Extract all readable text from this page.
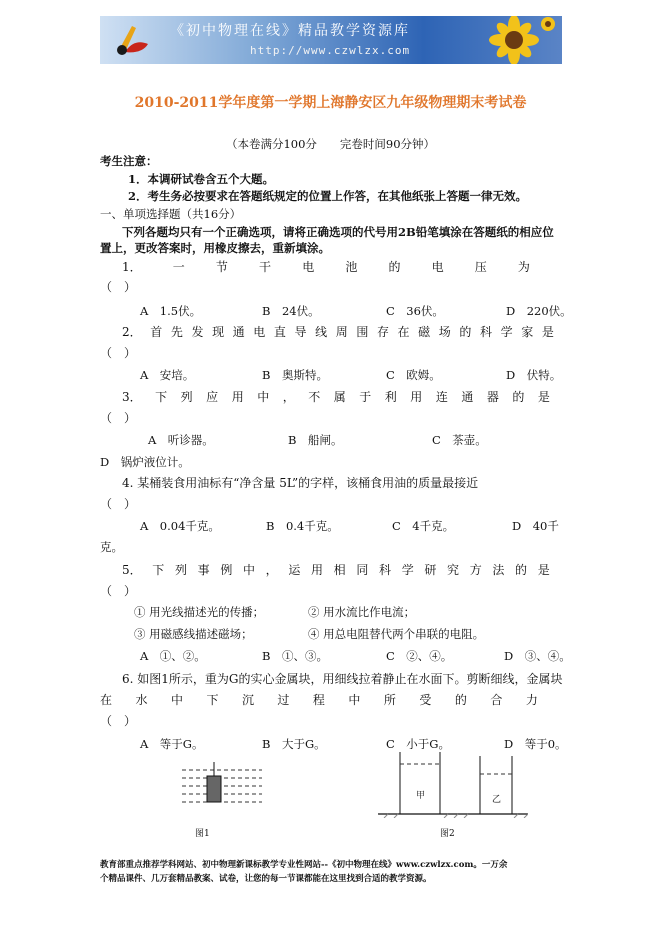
《初中物理在线》精品教学资源库
http://www.czwlzx.com
2010-2011学年度第一学期上海静安区九年级物理期末考试卷
（本卷满分100分　　完卷时间90分钟）
考生注意：
1．本调研试卷含五个大题。
2．考生务必按要求在答题纸规定的位置上作答，在其他纸张上答题一律无效。
一、单项选择题（共16分）
下列各题均只有一个正确选项，请将正确选项的代号用2B铅笔填涂在答题纸的相应位
置上，更改答案时，用橡皮擦去，重新填涂。
1．	一	节	干	电	池	的	电	压	为
（　）
A　1.5伏。	B　24伏。	C　36伏。	D　220伏。
2． 首 先 发 现 通 电 直 导 线 周 围 存 在 磁 场 的 科 学 家 是
（　）
A　安培。	B　奥斯特。	C　欧姆。	D　伏特。
3． 下 列 应 用 中 ， 不 属 于 利 用 连 通 器 的 是
（　）
A　听诊器。	B　船闸。	C　茶壶。
D　锅炉液位计。
4. 某桶装食用油标有“净含量 5L”的字样，该桶食用油的质量最接近
（　）
A　0.04千克。	B　0.4千克。	C　4千克。	D　40千
克。
5． 下 列 事 例 中 ， 运 用 相 同 科 学 研 究 方 法 的 是
（　）
① 用光线描述光的传播；	② 用水流比作电流；
③ 用磁感线描述磁场；	④ 用总电阻替代两个串联的电阻。
A　①、②。	B　①、③。	C　②、④。	D　③、④。
6. 如图1所示，重为G的实心金属块，用细线拉着静止在水面下。剪断细线，金属块
在 水 中 下 沉 过 程 中 所 受 的 合 力
（　）
A　等于G。	B　大于G。	C　小于G。	D　等于0。
图1
甲	乙
图2
教育部重点推荐学科网站、初中物理新课标教学专业性网站--《初中物理在线》www.czwlzx.com。一万余
个精品课件、几万套精品教案、试卷，让您的每一节课都能在这里找到合适的教学资源。
